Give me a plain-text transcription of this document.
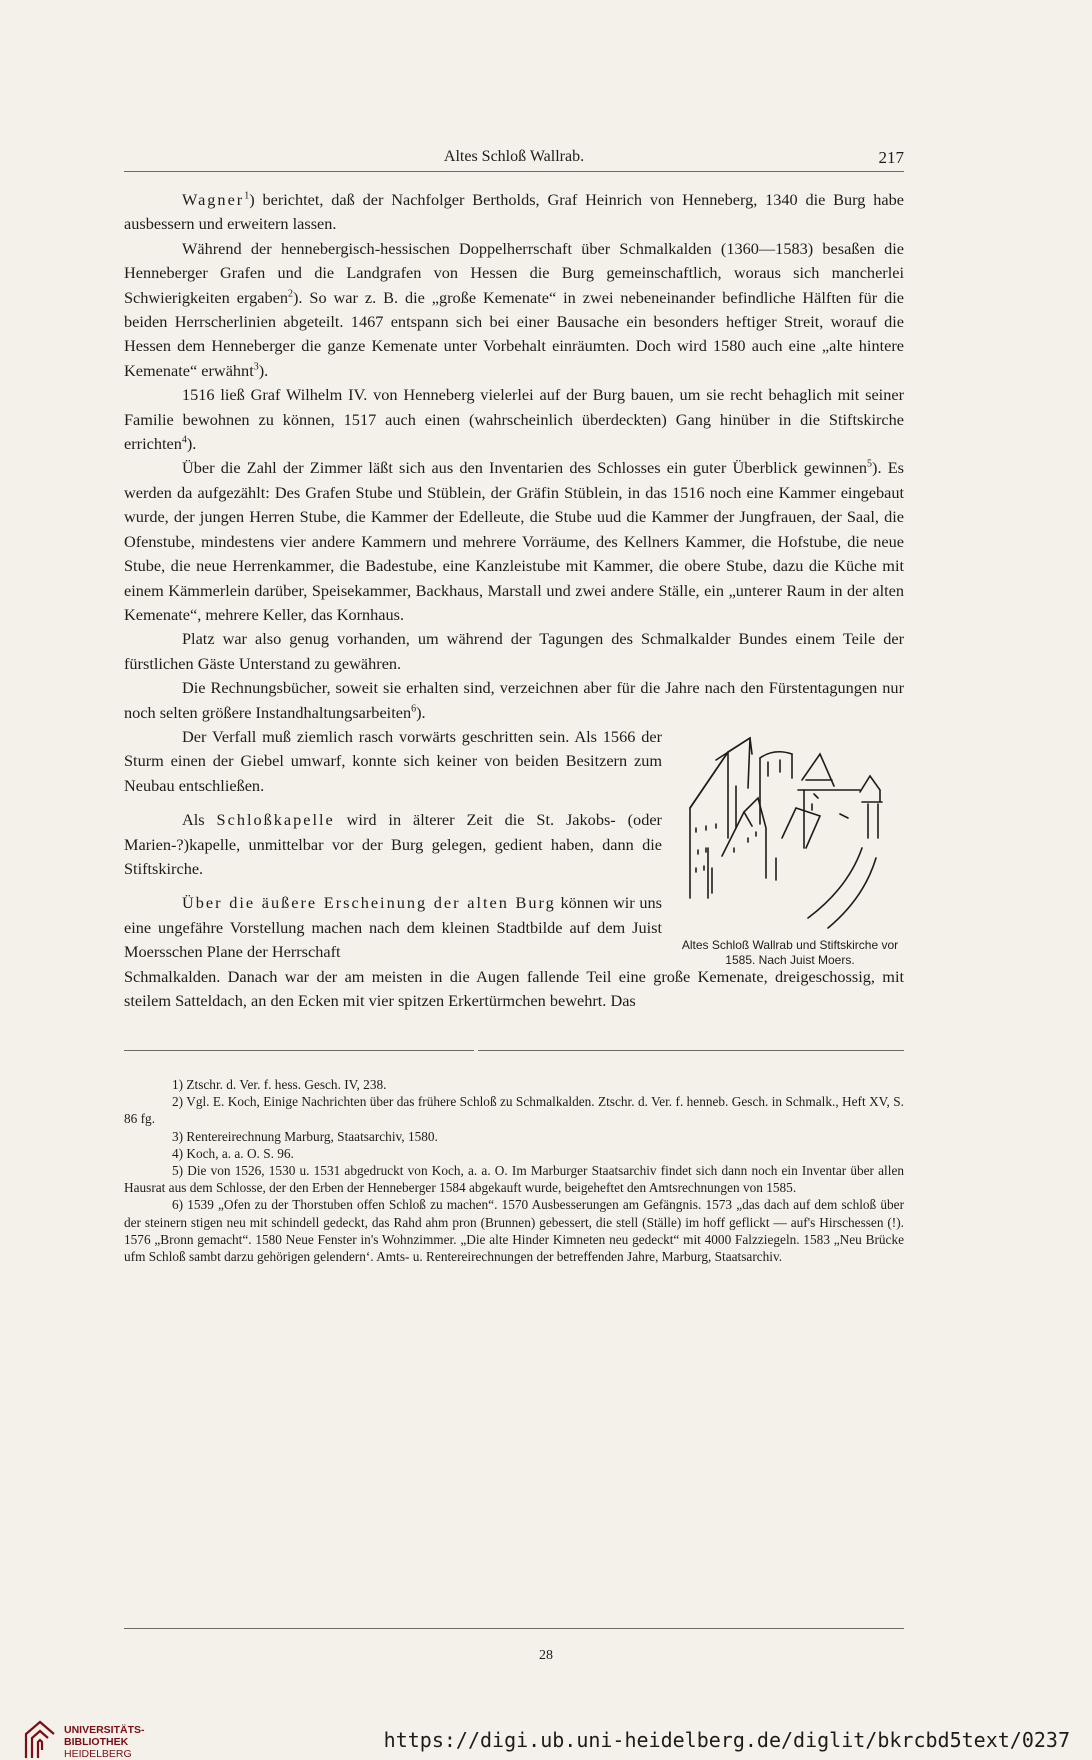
Altes Schloß Wallrab.	217

Wagner$^1$) berichtet, daß der Nachfolger Bertholds, Graf Heinrich von Henneberg, 1340 die Burg habe ausbessern und erweitern lassen.

Während der hennebergisch-hessischen Doppelherrschaft über Schmalkalden (1360—1583) besaßen die Henneberger Grafen und die Landgrafen von Hessen die Burg gemeinschaftlich, woraus sich mancherlei Schwierigkeiten ergaben$^2$). So war z. B. die „große Kemenate“ in zwei nebeneinander befindliche Hälften für die beiden Herrscherlinien abgeteilt. 1467 entspann sich bei einer Bausache ein besonders heftiger Streit, worauf die Hessen dem Henneberger die ganze Kemenate unter Vorbehalt einräumten. Doch wird 1580 auch eine „alte hintere Kemenate“ erwähnt$^3$).

1516 ließ Graf Wilhelm IV. von Henneberg vielerlei auf der Burg bauen, um sie recht behaglich mit seiner Familie bewohnen zu können, 1517 auch einen (wahrscheinlich überdeckten) Gang hinüber in die Stiftskirche errichten$^4$).

Über die Zahl der Zimmer läßt sich aus den Inventarien des Schlosses ein guter Überblick gewinnen$^5$). Es werden da aufgezählt: Des Grafen Stube und Stüblein, der Gräfin Stüblein, in das 1516 noch eine Kammer eingebaut wurde, der jungen Herren Stube, die Kammer der Edelleute, die Stube uud die Kammer der Jungfrauen, der Saal, die Ofenstube, mindestens vier andere Kammern und mehrere Vorräume, des Kellners Kammer, die Hofstube, die neue Stube, die neue Herrenkammer, die Badestube, eine Kanzleistube mit Kammer, die obere Stube, dazu die Küche mit einem Kämmerlein darüber, Speisekammer, Backhaus, Marstall und zwei andere Ställe, ein „unterer Raum in der alten Kemenate“, mehrere Keller, das Kornhaus.

Platz war also genug vorhanden, um während der Tagungen des Schmalkalder Bundes einem Teile der fürstlichen Gäste Unterstand zu gewähren.

Die Rechnungsbücher, soweit sie erhalten sind, verzeichnen aber für die Jahre nach den Fürstentagungen nur noch selten größere Instandhaltungsarbeiten$^6$).

Der Verfall muß ziemlich rasch vorwärts geschritten sein. Als 1566 der Sturm einen der Giebel umwarf, konnte sich keiner von beiden Besitzern zum Neubau entschließen.

Als Schloßkapelle wird in älterer Zeit die St. Jakobs- (oder Marien-?)kapelle, unmittelbar vor der Burg gelegen, gedient haben, dann die Stiftskirche.

Über die äußere Erscheinung der alten Burg können wir uns eine ungefähre Vorstellung machen nach dem kleinen Stadtbilde auf dem Juist Moersschen Plane der Herrschaft

Schmalkalden. Danach war der am meisten in die Augen fallende Teil eine große Kemenate, dreigeschossig, mit steilem Satteldach, an den Ecken mit vier spitzen Erkertürmchen bewehrt. Das

Altes Schloß Wallrab und Stiftskirche vor 1585. Nach Juist Moers.

1) Ztschr. d. Ver. f. hess. Gesch. IV, 238.

2) Vgl. E. Koch, Einige Nachrichten über das frühere Schloß zu Schmalkalden. Ztschr. d. Ver. f. henneb. Gesch. in Schmalk., Heft XV, S. 86 fg.

3) Rentereirechnung Marburg, Staatsarchiv, 1580.

4) Koch, a. a. O. S. 96.

5) Die von 1526, 1530 u. 1531 abgedruckt von Koch, a. a. O. Im Marburger Staatsarchiv findet sich dann noch ein Inventar über allen Hausrat aus dem Schlosse, der den Erben der Henneberger 1584 abgekauft wurde, beigeheftet den Amtsrechnungen von 1585.

6) 1539 „Ofen zu der Thorstuben offen Schloß zu machen“. 1570 Ausbesserungen am Gefängnis. 1573 „das dach auf dem schloß über der steinern stigen neu mit schindell gedeckt, das Rahd ahm pron (Brunnen) gebessert, die stell (Ställe) im hoff geflickt — auf's Hirschessen (!). 1576 „Bronn gemacht“. 1580 Neue Fenster in's Wohnzimmer. „Die alte Hinder Kimneten neu gedeckt“ mit 4000 Falzziegeln. 1583 „Neu Brücke ufm Schloß sambt darzu gehörigen gelendern‘. Amts- u. Rentereirechnungen der betreffenden Jahre, Marburg, Staatsarchiv.

28
UNIVERSITÄTS-
BIBLIOTHEK
HEIDELBERG
https://digi.ub.uni-heidelberg.de/diglit/bkrcbd5text/0237
